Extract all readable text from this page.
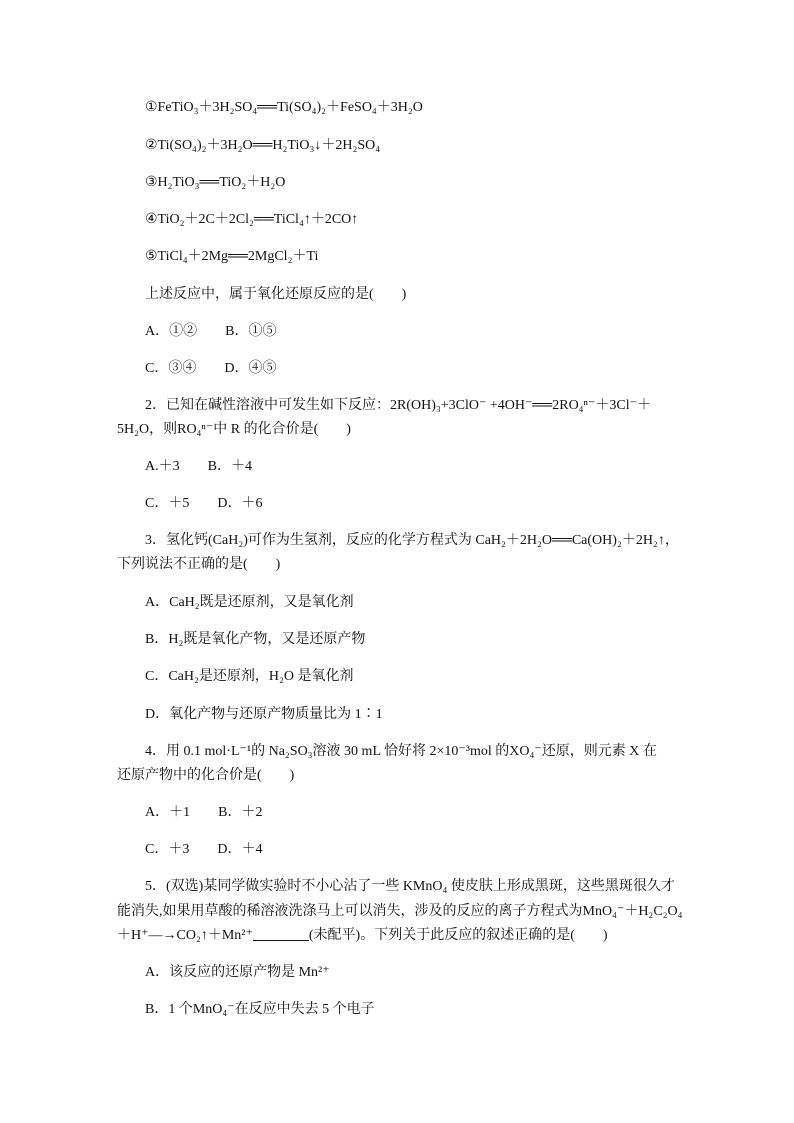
①FeTiO₃＋3H₂SO₄══Ti(SO₄)₂＋FeSO₄＋3H₂O
②Ti(SO₄)₂＋3H₂O══H₂TiO₃↓＋2H₂SO₄
③H₂TiO₃══TiO₂＋H₂O
④TiO₂＋2C＋2Cl₂══TiCl₄↑＋2CO↑
⑤TiCl₄＋2Mg══2MgCl₂＋Ti
上述反应中，属于氧化还原反应的是(　　)
A．①②　　B．①⑤
C．③④　　D．④⑤
2．已知在碱性溶液中可发生如下反应：2R(OH)₃+3ClO⁻ +4OH⁻══2RO₄ⁿ⁻＋3Cl⁻＋
5H₂O，则RO₄ⁿ⁻中 R 的化合价是(　　)
A.＋3　　B．＋4
C．＋5　　D．＋6
3．氢化钙(CaH₂)可作为生氢剂，反应的化学方程式为 CaH₂＋2H₂O══Ca(OH)₂＋2H₂↑，
下列说法不正确的是(　　)
A．CaH₂既是还原剂，又是氧化剂
B．H₂既是氧化产物，又是还原产物
C．CaH₂是还原剂，H₂O 是氧化剂
D．氧化产物与还原产物质量比为 1∶1
4．用 0.1 mol·L⁻¹的 Na₂SO₃溶液 30 mL 恰好将 2×10⁻³mol 的XO₄⁻还原，则元素 X 在
还原产物中的化合价是(　　)
A．＋1　　B．＋2
C．＋3　　D．＋4
5．(双选)某同学做实验时不小心沾了一些 KMnO₄ 使皮肤上形成黑斑，这些黑斑很久才
能消失,如果用草酸的稀溶液洗涤马上可以消失，涉及的反应的离子方程式为MnO₄⁻＋H₂C₂O₄
＋H⁺—→CO₂↑＋Mn²⁺	(未配平)。下列关于此反应的叙述正确的是(　　)
A．该反应的还原产物是 Mn²⁺
B．1 个MnO₄⁻在反应中失去 5 个电子
